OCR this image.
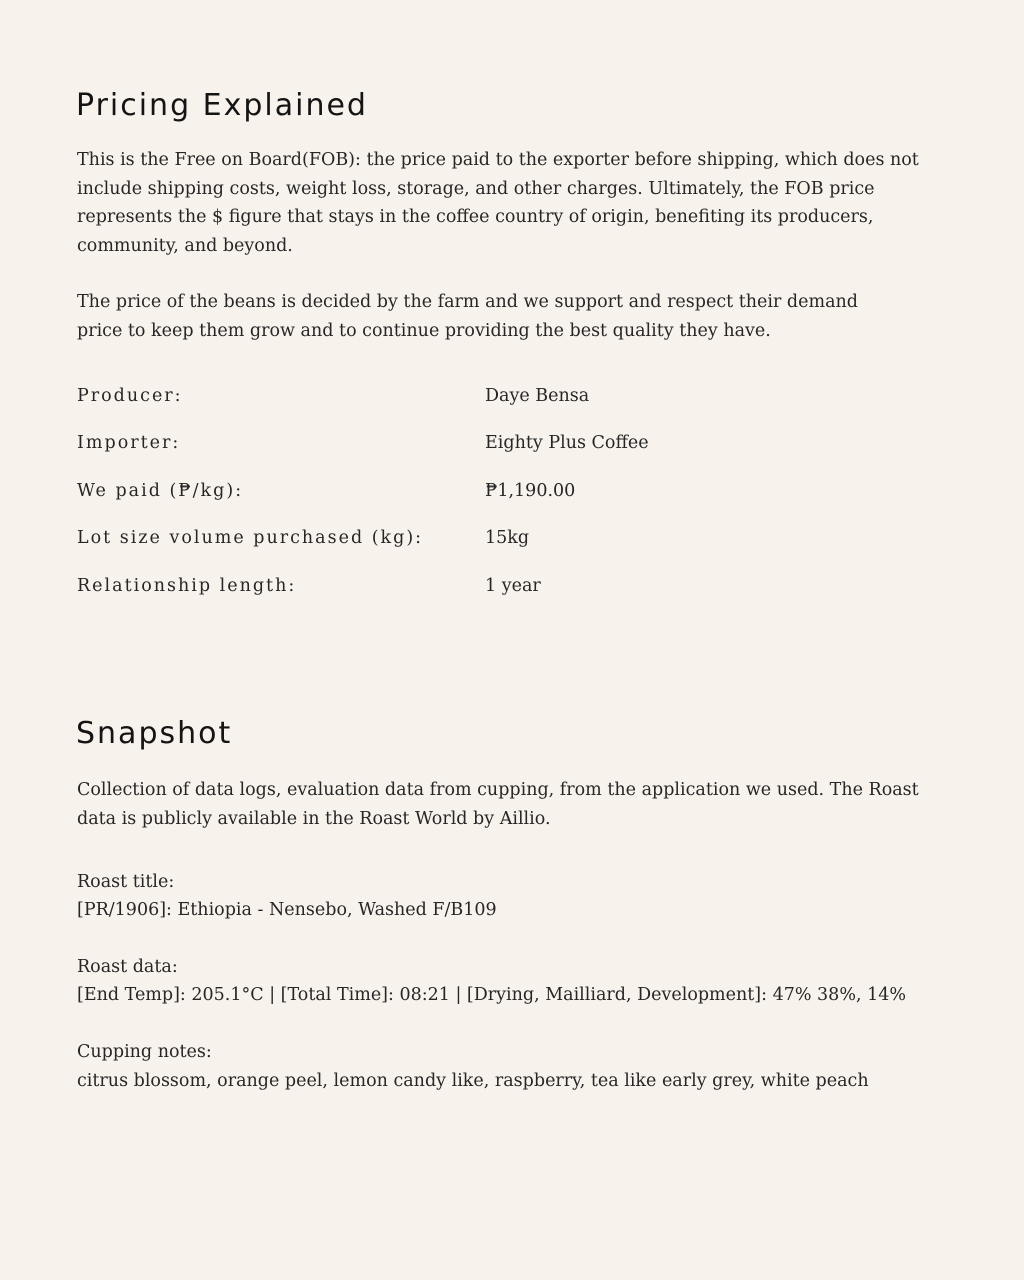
Pricing Explained

This is the Free on Board(FOB): the price paid to the exporter before shipping, which does not include shipping costs, weight loss, storage, and other charges. Ultimately, the FOB price represents the $ figure that stays in the coffee country of origin, benefiting its producers, community, and beyond.

The price of the beans is decided by the farm and we support and respect their demand price to keep them grow and to continue providing the best quality they have.

Producer:	Daye Bensa
Importer:	Eighty Plus Coffee
We paid (₱/kg):	₱1,190.00
Lot size volume purchased (kg):	15kg
Relationship length:	1 year
Snapshot

Collection of data logs, evaluation data from cupping, from the application we used. The Roast data is publicly available in the Roast World by Aillio.

Roast title:
[PR/1906]: Ethiopia - Nensebo, Washed F/B109
Roast data:
[End Temp]: 205.1°C | [Total Time]: 08:21 | [Drying, Mailliard, Development]: 47% 38%, 14%
Cupping notes:
citrus blossom, orange peel, lemon candy like, raspberry, tea like early grey, white peach
